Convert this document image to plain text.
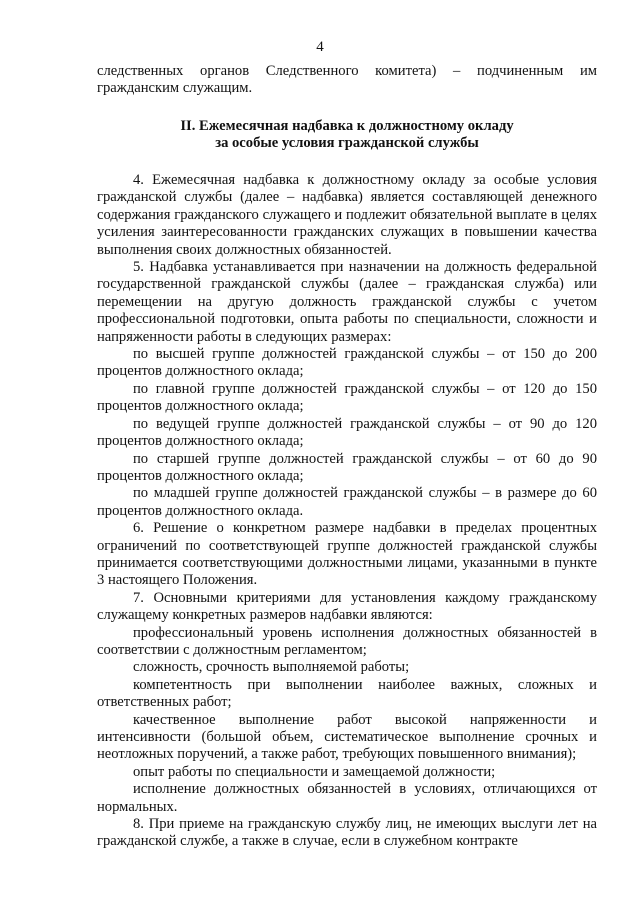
4

следственных органов Следственного комитета) – подчиненным им гражданским служащим.

II. Ежемесячная надбавка к должностному окладу
за особые условия гражданской службы

4. Ежемесячная надбавка к должностному окладу за особые условия гражданской службы (далее – надбавка) является составляющей денежного содержания гражданского служащего и подлежит обязательной выплате в целях усиления заинтересованности гражданских служащих в повышении качества выполнения своих должностных обязанностей.

5. Надбавка устанавливается при назначении на должность федеральной государственной гражданской службы (далее – гражданская служба) или перемещении на другую должность гражданской службы с учетом профессиональной подготовки, опыта работы по специальности, сложности и напряженности работы в следующих размерах:

по высшей группе должностей гражданской службы – от 150 до 200 процентов должностного оклада;

по главной группе должностей гражданской службы – от 120 до 150 процентов должностного оклада;

по ведущей группе должностей гражданской службы – от 90 до 120 процентов должностного оклада;

по старшей группе должностей гражданской службы – от 60 до 90 процентов должностного оклада;

по младшей группе должностей гражданской службы – в размере до 60 процентов должностного оклада.

6. Решение о конкретном размере надбавки в пределах процентных ограничений по соответствующей группе должностей гражданской службы принимается соответствующими должностными лицами, указанными в пункте 3 настоящего Положения.

7. Основными критериями для установления каждому гражданскому служащему конкретных размеров надбавки являются:

профессиональный уровень исполнения должностных обязанностей в соответствии с должностным регламентом;

сложность, срочность выполняемой работы;

компетентность при выполнении наиболее важных, сложных и ответственных работ;

качественное выполнение работ высокой напряженности и интенсивности (большой объем, систематическое выполнение срочных и неотложных поручений, а также работ, требующих повышенного внимания);

опыт работы по специальности и замещаемой должности;

исполнение должностных обязанностей в условиях, отличающихся от нормальных.

8. При приеме на гражданскую службу лиц, не имеющих выслуги лет на гражданской службе, а также в случае, если в служебном контракте
